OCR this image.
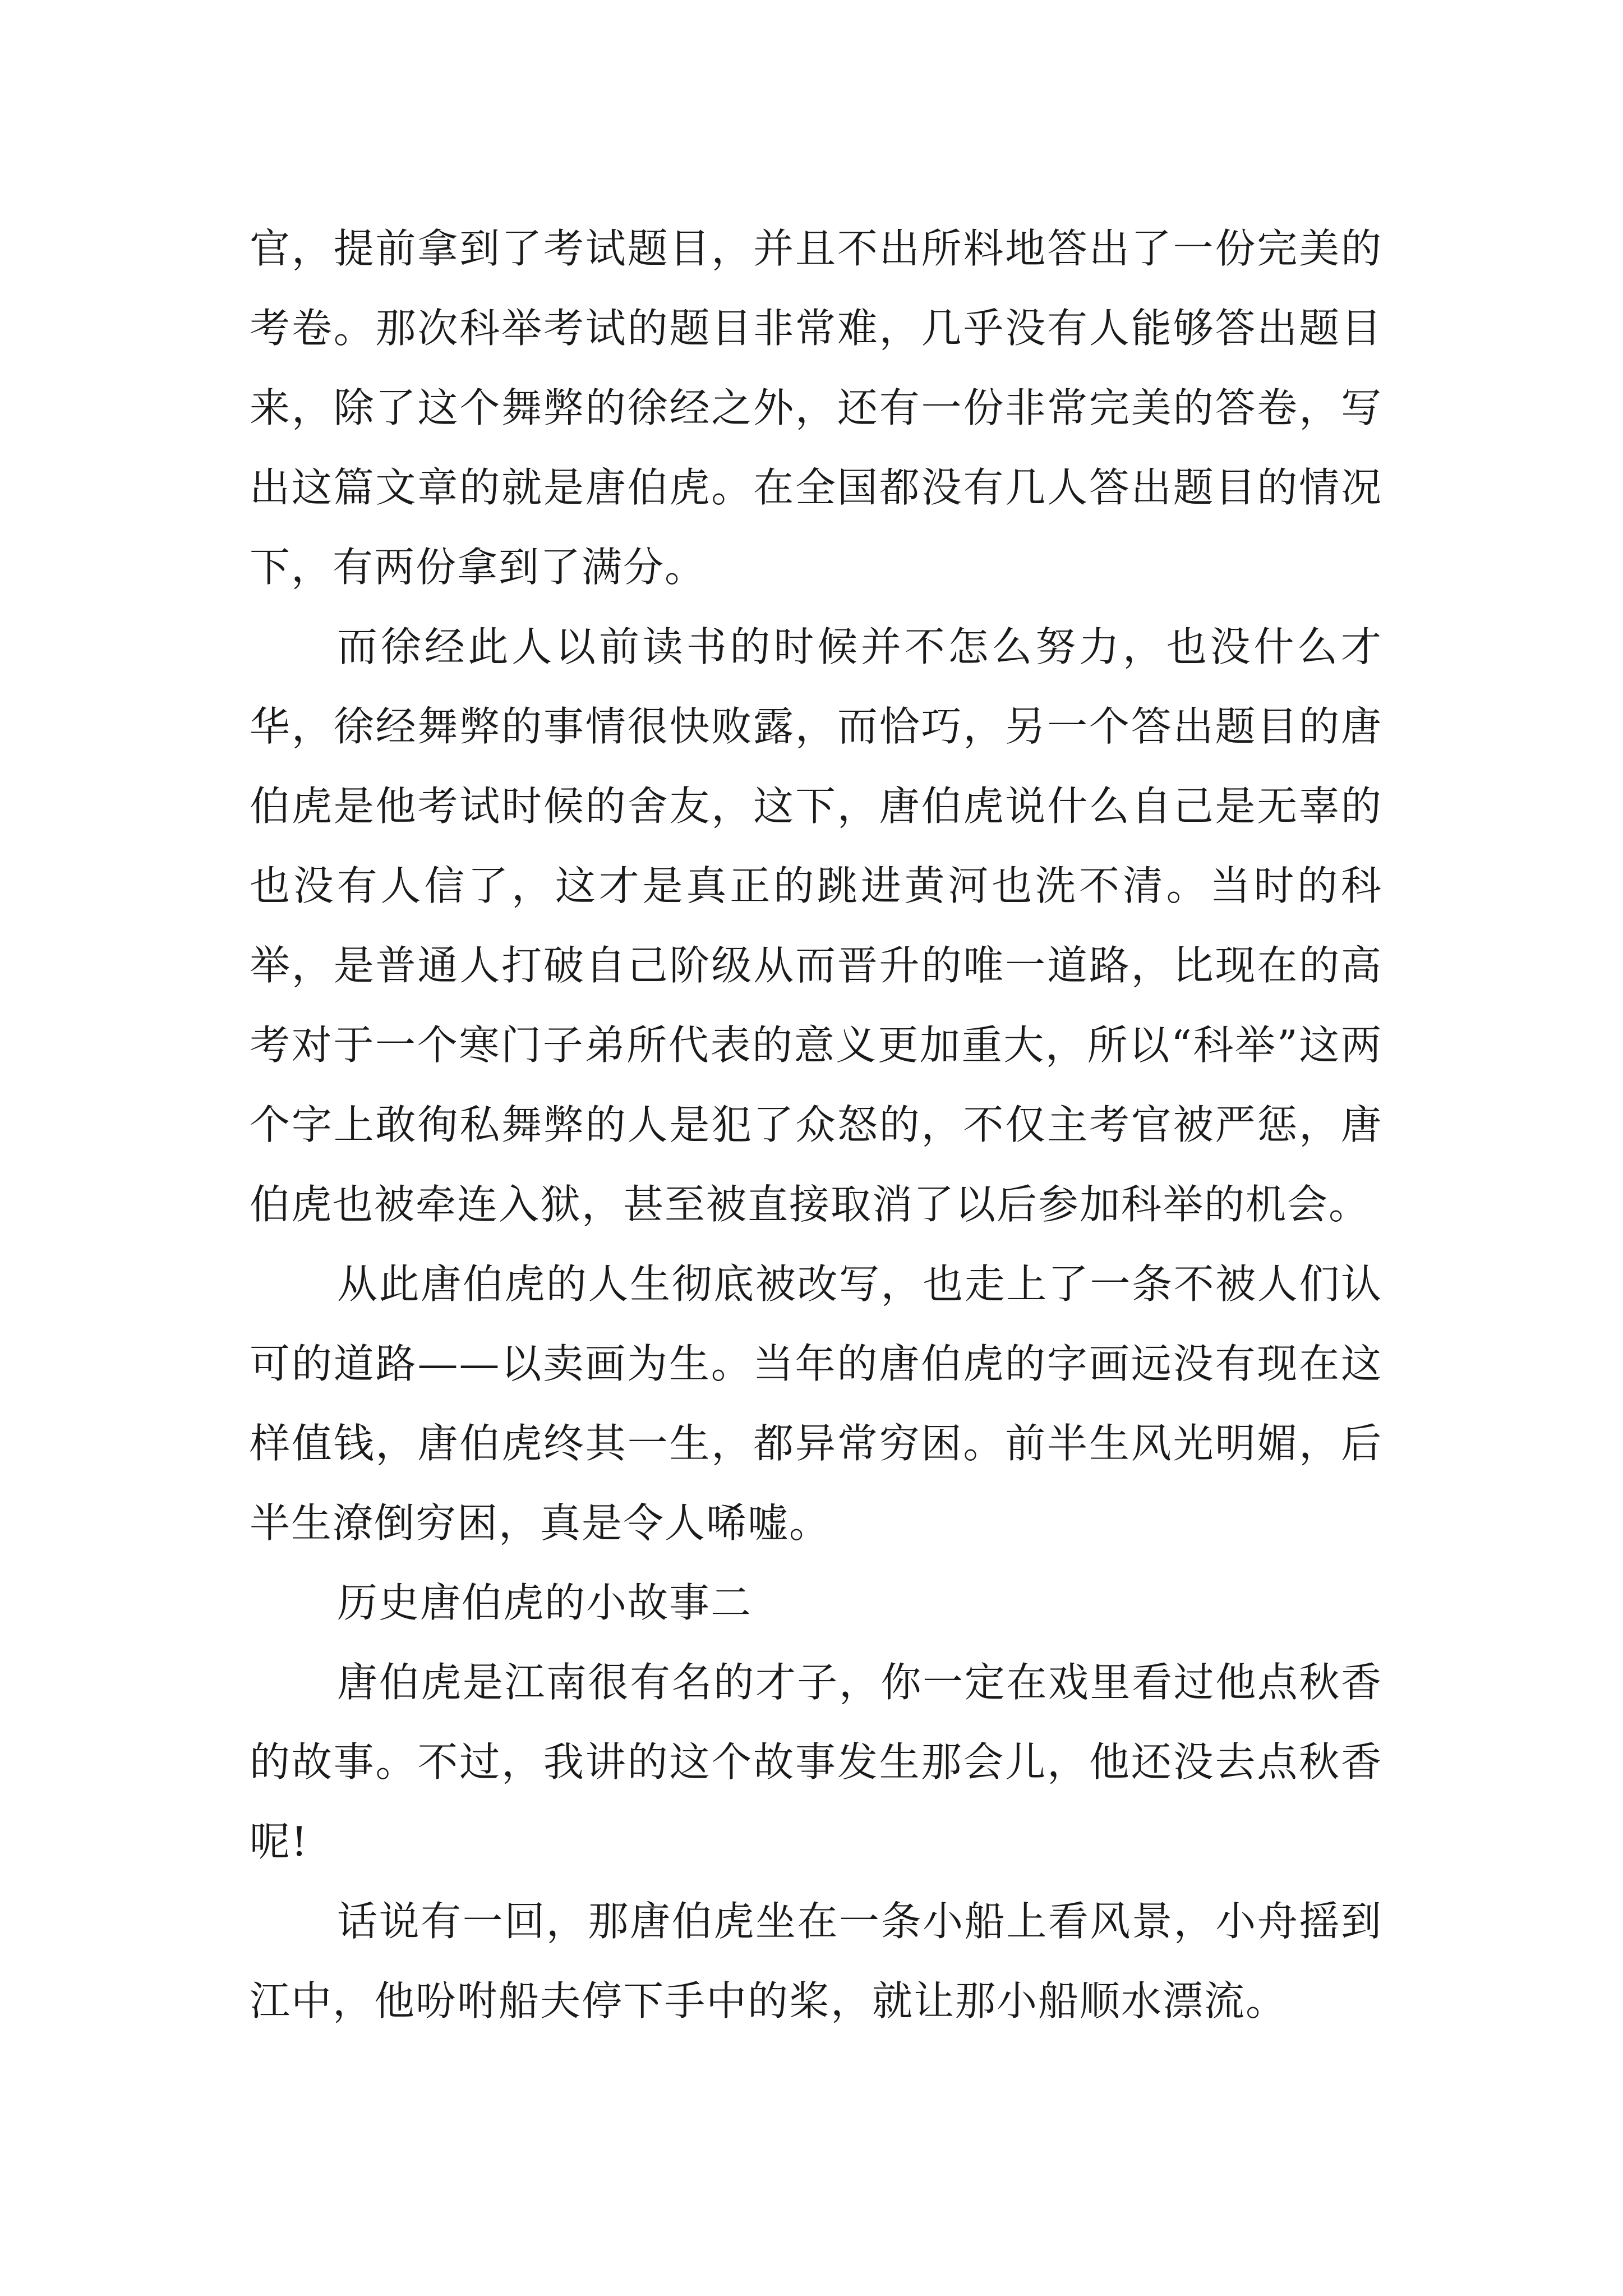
官，提前拿到了考试题目，并且不出所料地答出了一份完美的考卷。那次科举考试的题目非常难，几乎没有人能够答出题目来，除了这个舞弊的徐经之外，还有一份非常完美的答卷，写出这篇文章的就是唐伯虎。在全国都没有几人答出题目的情况下，有两份拿到了满分。

而徐经此人以前读书的时候并不怎么努力，也没什么才华，徐经舞弊的事情很快败露，而恰巧，另一个答出题目的唐伯虎是他考试时候的舍友，这下，唐伯虎说什么自己是无辜的也没有人信了，这才是真正的跳进黄河也洗不清。当时的科举，是普通人打破自己阶级从而晋升的唯一道路，比现在的高考对于一个寒门子弟所代表的意义更加重大，所以“科举”这两个字上敢徇私舞弊的人是犯了众怒的，不仅主考官被严惩，唐伯虎也被牵连入狱，甚至被直接取消了以后参加科举的机会。

从此唐伯虎的人生彻底被改写，也走上了一条不被人们认可的道路——以卖画为生。当年的唐伯虎的字画远没有现在这样值钱，唐伯虎终其一生，都异常穷困。前半生风光明媚，后半生潦倒穷困，真是令人唏嘘。

历史唐伯虎的小故事二

唐伯虎是江南很有名的才子，你一定在戏里看过他点秋香的故事。不过，我讲的这个故事发生那会儿，他还没去点秋香呢!

话说有一回，那唐伯虎坐在一条小船上看风景，小舟摇到江中，他吩咐船夫停下手中的桨，就让那小船顺水漂流。
